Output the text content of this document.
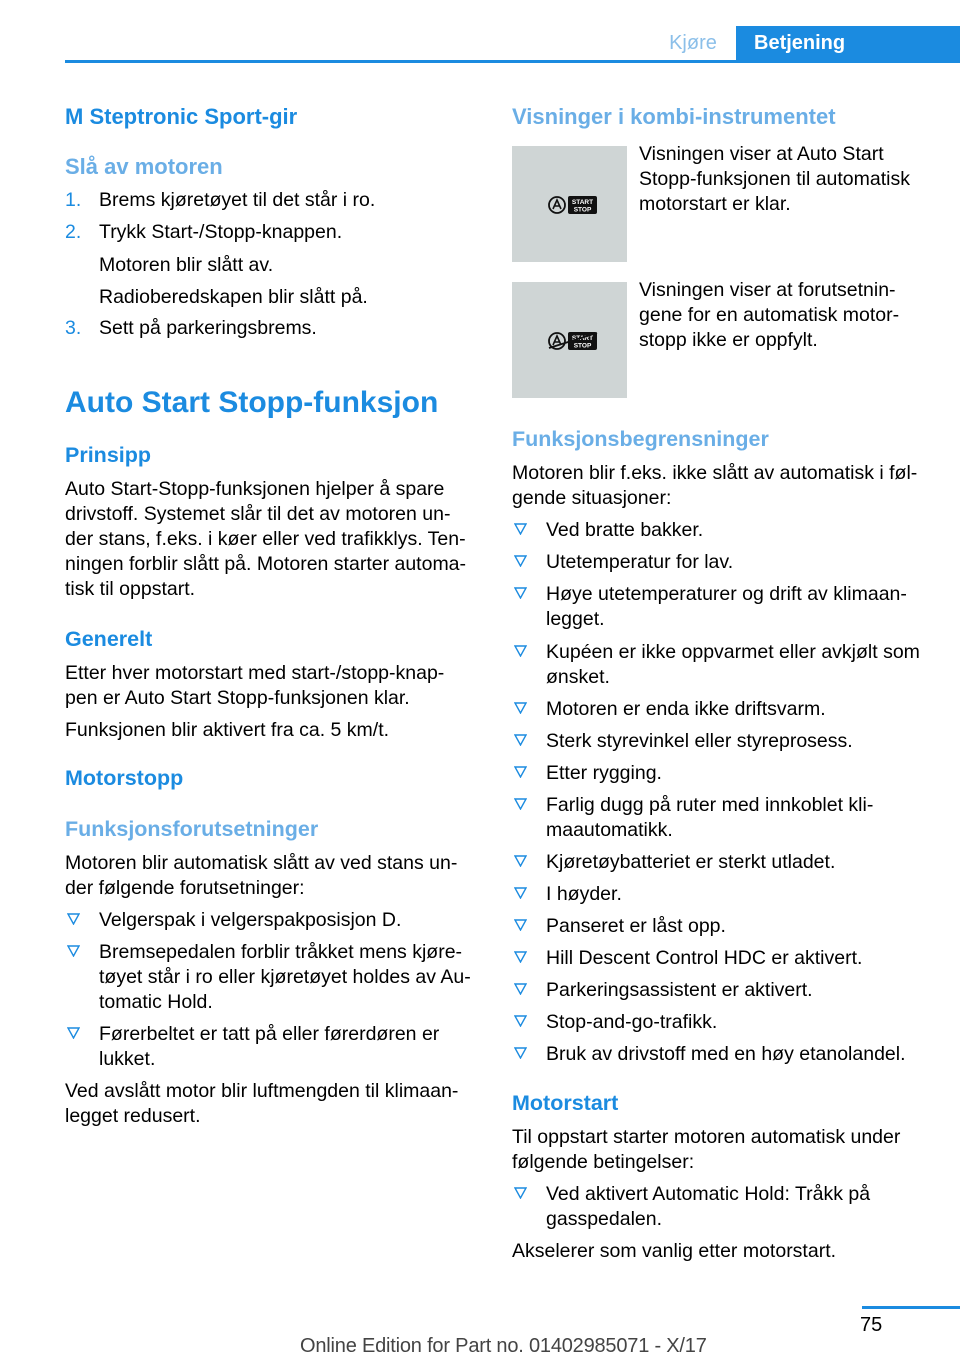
Kjøre	Betjening
M Steptronic Sport-gir
Slå av motoren
1. Brems kjøretøyet til det står i ro.
2. Trykk Start-/Stopp-knappen.
Motoren blir slått av.
Radioberedskapen blir slått på.
3. Sett på parkeringsbrems.
Auto Start Stopp-funksjon
Prinsipp
Auto Start-Stopp-funksjonen hjelper å spare
drivstoff. Systemet slår til det av motoren un-
der stans, f.eks. i køer eller ved trafikklys. Ten-
ningen forblir slått på. Motoren starter automa-
tisk til oppstart.
Generelt
Etter hver motorstart med start-/stopp-knap-
pen er Auto Start Stopp-funksjonen klar.
Funksjonen blir aktivert fra ca. 5 km/t.
Motorstopp
Funksjonsforutsetninger
Motoren blir automatisk slått av ved stans un-
der følgende forutsetninger:
Velgerspak i velgerspakposisjon D.
Bremsepedalen forblir tråkket mens kjøre-
tøyet står i ro eller kjøretøyet holdes av Au-
tomatic Hold.
Førerbeltet er tatt på eller førerdøren er
lukket.
Ved avslått motor blir luftmengden til klimaan-
legget redusert.
Visninger i kombi-instrumentet
START
STOP
Visningen viser at Auto Start
Stopp-funksjonen til automatisk
motorstart er klar.
START
STOP
Visningen viser at forutsetnin-
gene for en automatisk motor-
stopp ikke er oppfylt.
Funksjonsbegrensninger
Motoren blir f.eks. ikke slått av automatisk i føl-
gende situasjoner:
Ved bratte bakker.
Utetemperatur for lav.
Høye utetemperaturer og drift av klimaan-
legget.
Kupéen er ikke oppvarmet eller avkjølt som
ønsket.
Motoren er enda ikke driftsvarm.
Sterk styrevinkel eller styreprosess.
Etter rygging.
Farlig dugg på ruter med innkoblet kli-
maautomatikk.
Kjøretøybatteriet er sterkt utladet.
I høyder.
Panseret er låst opp.
Hill Descent Control HDC er aktivert.
Parkeringsassistent er aktivert.
Stop-and-go-trafikk.
Bruk av drivstoff med en høy etanolandel.
Motorstart
Til oppstart starter motoren automatisk under
følgende betingelser:
Ved aktivert Automatic Hold: Tråkk på
gasspedalen.
Akselerer som vanlig etter motorstart.
75
Online Edition for Part no. 01402985071 - X/17
